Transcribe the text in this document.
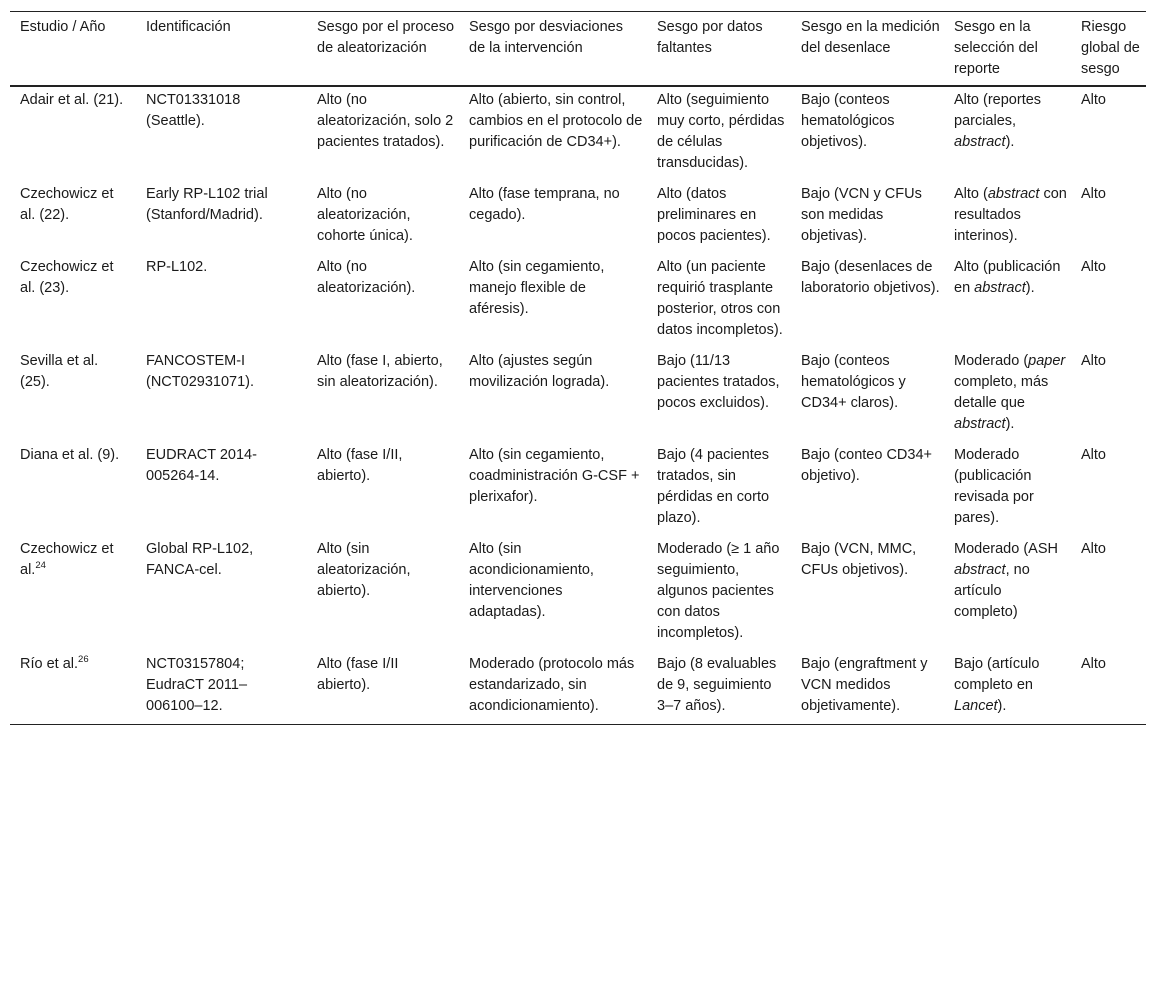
Estudio / Año	Identificación	Sesgo por el proceso de aleatorización	Sesgo por desviaciones de la intervención	Sesgo por datos faltantes	Sesgo en la medición del desenlace	Sesgo en la selección del reporte	Riesgo global de sesgo
Adair et al. (21).	NCT01331018 (Seattle).	Alto (no aleatorización, solo 2 pacientes tratados).	Alto (abierto, sin control, cambios en el protocolo de purificación de CD34+).	Alto (seguimiento muy corto, pérdidas de células transducidas).	Bajo (conteos hematológicos objetivos).	Alto (reportes parciales, abstract).	Alto
Czechowicz et al. (22).	Early RP-L102 trial (Stanford/Madrid).	Alto (no aleatorización, cohorte única).	Alto (fase temprana, no cegado).	Alto (datos preliminares en pocos pacientes).	Bajo (VCN y CFUs son medidas objetivas).	Alto (abstract con resultados interinos).	Alto
Czechowicz et al. (23).	RP-L102.	Alto (no aleatorización).	Alto (sin cegamiento, manejo flexible de aféresis).	Alto (un paciente requirió trasplante posterior, otros con datos incompletos).	Bajo (desenlaces de laboratorio objetivos).	Alto (publicación en abstract).	Alto
Sevilla et al. (25).	FANCOSTEM-I (NCT02931071).	Alto (fase I, abierto, sin aleatorización).	Alto (ajustes según movilización lograda).	Bajo (11/13 pacientes tratados, pocos excluidos).	Bajo (conteos hematológicos y CD34+ claros).	Moderado (paper completo, más detalle que abstract).	Alto
Diana et al. (9).	EUDRACT 2014-005264-14.	Alto (fase I/II, abierto).	Alto (sin cegamiento, coadministración G-CSF + plerixafor).	Bajo (4 pacientes tratados, sin pérdidas en corto plazo).	Bajo (conteo CD34+ objetivo).	Moderado (publicación revisada por pares).	Alto
Czechowicz et al.$^{24}$	Global RP-L102, FANCA-cel.	Alto (sin aleatorización, abierto).	Alto (sin acondicionamiento, intervenciones adaptadas).	Moderado (≥ 1 año seguimiento, algunos pacientes con datos incompletos).	Bajo (VCN, MMC, CFUs objetivos).	Moderado (ASH abstract, no artículo completo)	Alto
Río et al.$^{26}$	NCT03157804; EudraCT 2011–006100–12.	Alto (fase I/II abierto).	Moderado (protocolo más estandarizado, sin acondicionamiento).	Bajo (8 evaluables de 9, seguimiento 3–7 años).	Bajo (engraftment y VCN medidos objetivamente).	Bajo (artículo completo en Lancet).	Alto
